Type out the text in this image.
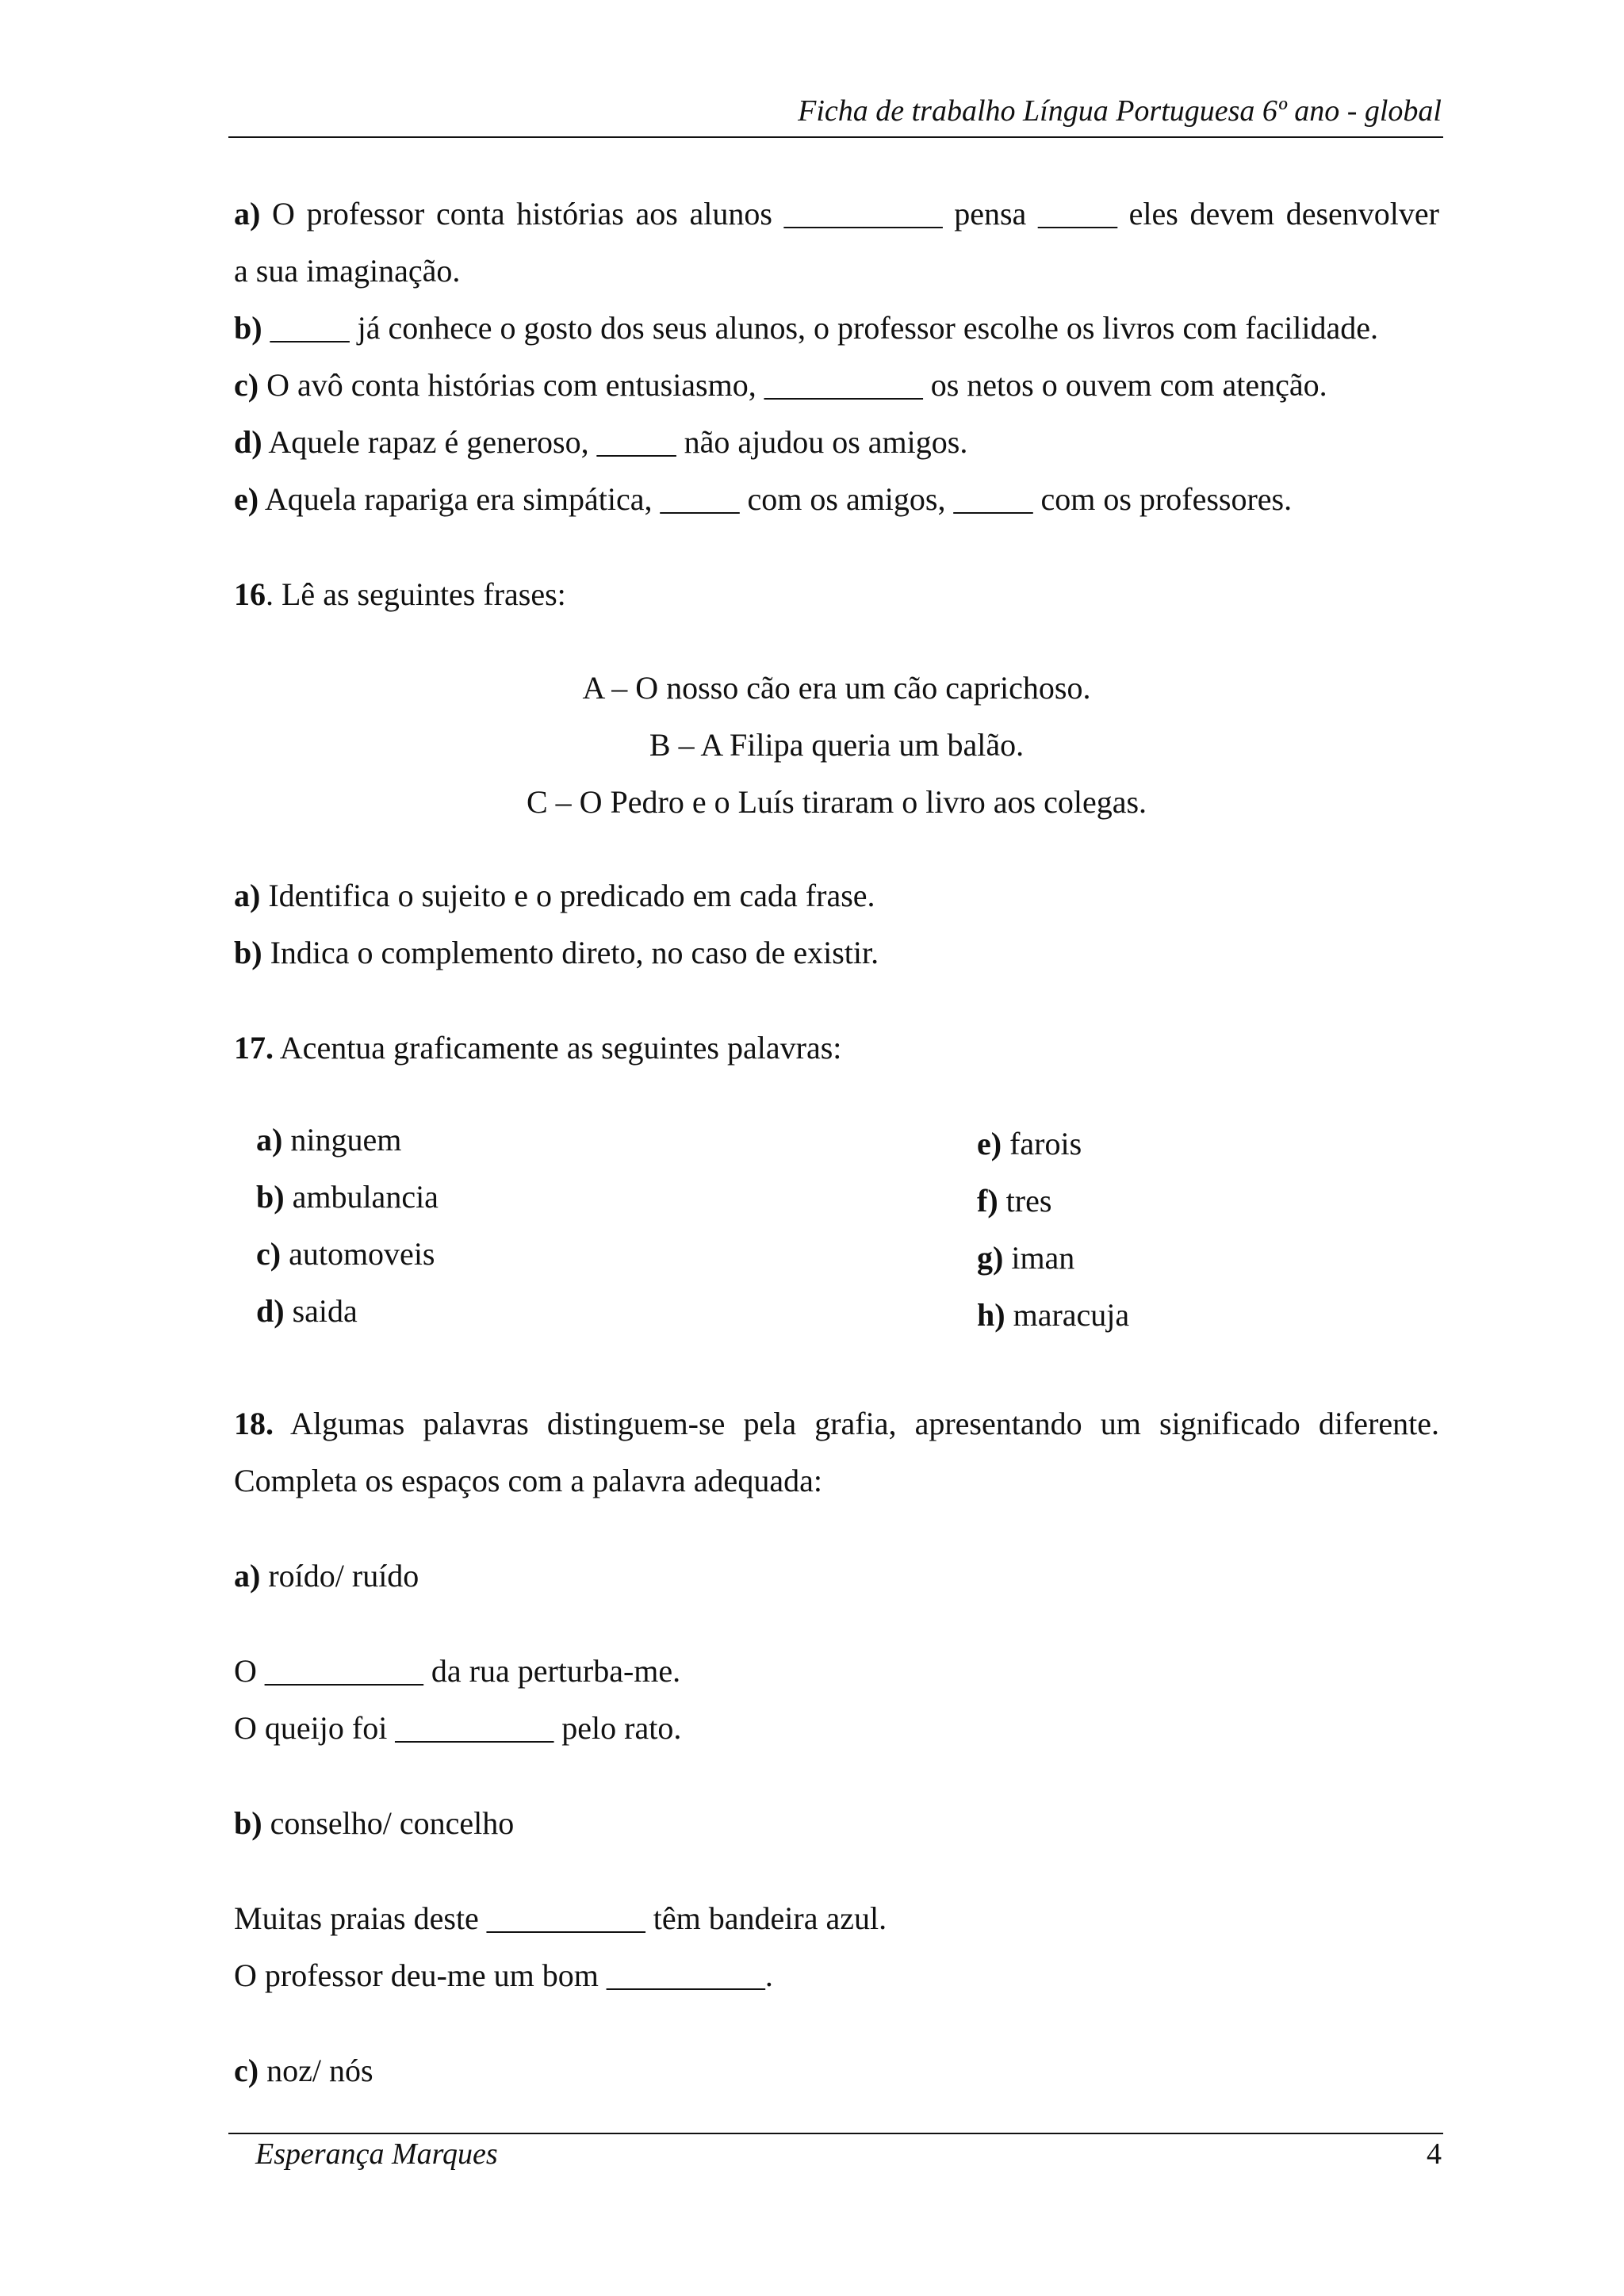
Ficha de trabalho Língua Portuguesa 6º ano - global
a) O professor conta histórias aos alunos __________ pensa _____ eles devem desenvolver
a sua imaginação.
b) _____ já conhece o gosto dos seus alunos, o professor escolhe os livros com facilidade.
c) O avô conta histórias com entusiasmo, __________ os netos o ouvem com atenção.
d) Aquele rapaz é generoso, _____ não ajudou os amigos.
e) Aquela rapariga era simpática, _____ com os amigos, _____ com os professores.
16. Lê as seguintes frases:
A – O nosso cão era um cão caprichoso.
B – A Filipa queria um balão.
C – O Pedro e o Luís tiraram o livro aos colegas.
a) Identifica o sujeito e o predicado em cada frase.
b) Indica o complemento direto, no caso de existir.
17. Acentua graficamente as seguintes palavras:
a) ninguem
b) ambulancia
c) automoveis
d) saida
e) farois
f) tres
g) iman
h) maracuja
18. Algumas palavras distinguem-se pela grafia, apresentando um significado diferente.
Completa os espaços com a palavra adequada:
a) roído/ ruído
O __________ da rua perturba-me.
O queijo foi __________ pelo rato.
b) conselho/ concelho
Muitas praias deste __________ têm bandeira azul.
O professor deu-me um bom __________.
c) noz/ nós
Esperança Marques	4
